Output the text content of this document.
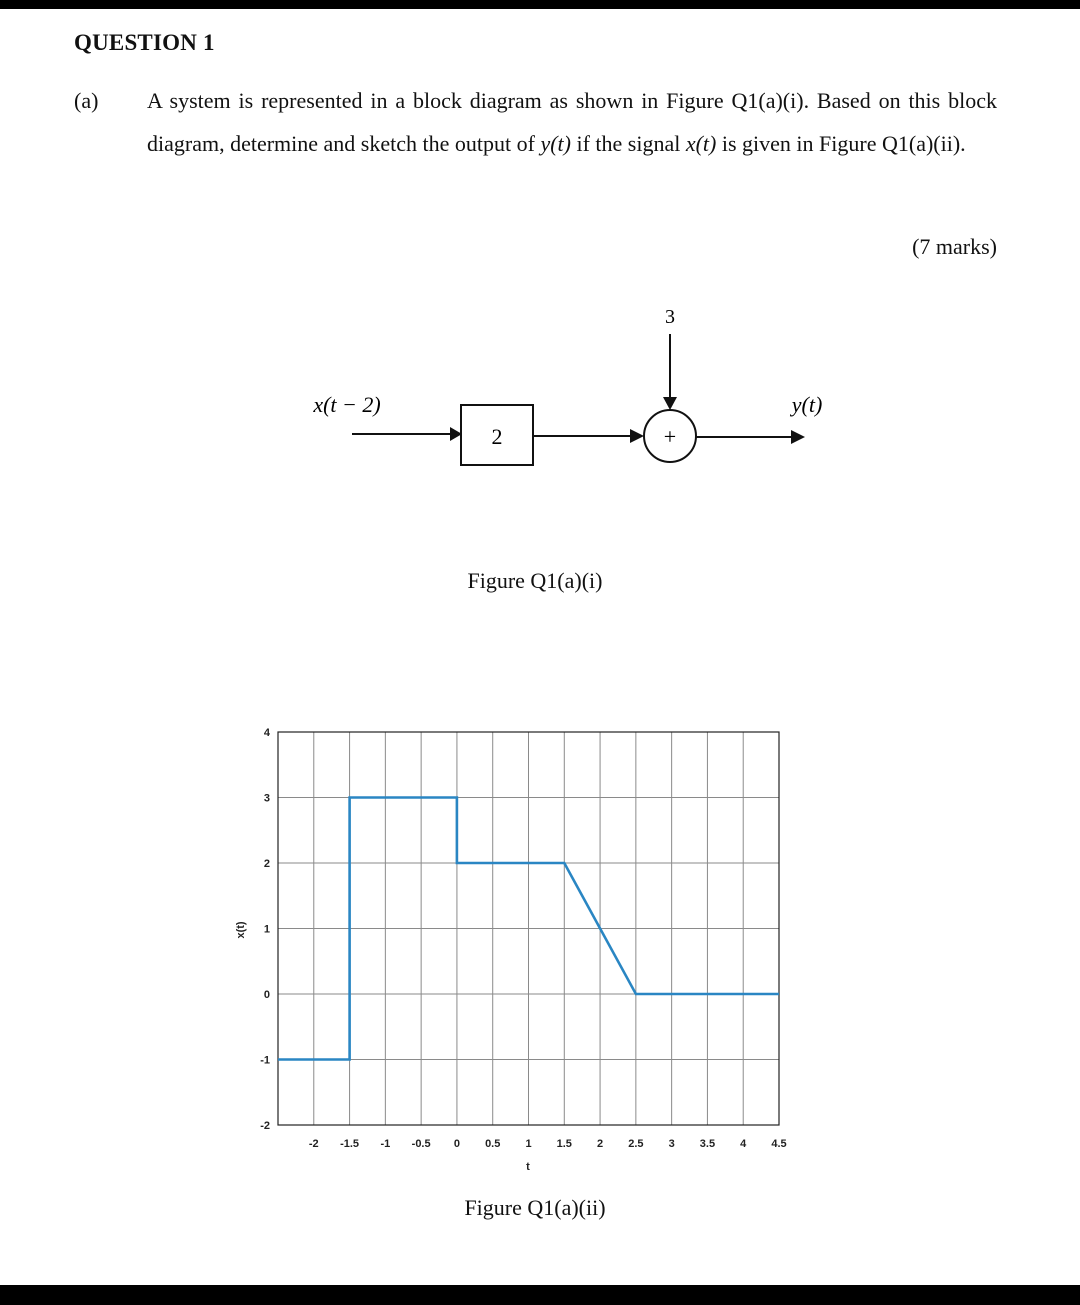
QUESTION 1
(a) A system is represented in a block diagram as shown in Figure Q1(a)(i). Based on this block diagram, determine and sketch the output of y(t) if the signal x(t) is given in Figure Q1(a)(ii).
(7 marks)
3
x(t − 2)	y(t)
2	+
Figure Q1(a)(i)
-2 -1.5 -1 -0.5 0 0.5 1 1.5 2 2.5 3 3.5 4 4.5
-2
-1
0
1
2
3
4
t
x(t)
Figure Q1(a)(ii)
